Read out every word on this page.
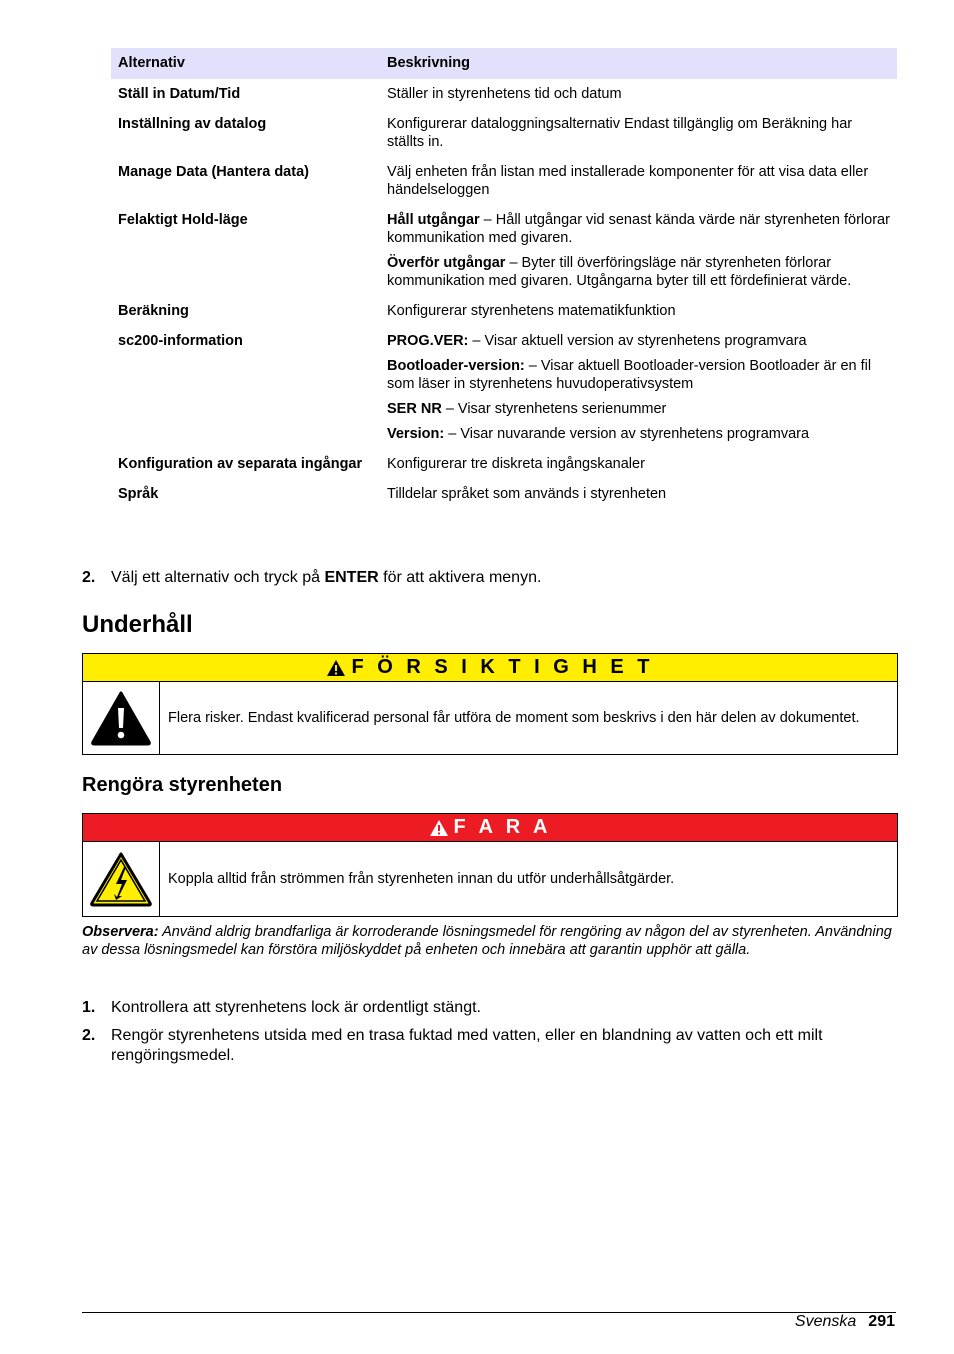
Alternativ	Beskrivning
Ställ in Datum/Tid	Ställer in styrenhetens tid och datum

Inställning av datalog	Konfigurerar dataloggningsalternativ Endast tillgänglig om Beräkning har ställts in.

Manage Data (Hantera data)	Välj enheten från listan med installerade komponenter för att visa data eller händelseloggen

Felaktigt Hold-läge	Håll utgångar – Håll utgångar vid senast kända värde när styrenheten förlorar kommunikation med givaren.
Överför utgångar – Byter till överföringsläge när styrenheten förlorar kommunikation med givaren. Utgångarna byter till ett fördefinierat värde.

Beräkning	Konfigurerar styrenhetens matematikfunktion

sc200-information	PROG.VER: – Visar aktuell version av styrenhetens programvara
Bootloader-version: – Visar aktuell Bootloader-version Bootloader är en fil som läser in styrenhetens huvudoperativsystem
SER NR – Visar styrenhetens serienummer
Version: – Visar nuvarande version av styrenhetens programvara

Konfiguration av separata ingångar	Konfigurerar tre diskreta ingångskanaler

Språk	Tilldelar språket som används i styrenheten
2. Välj ett alternativ och tryck på ENTER för att aktivera menyn.
Underhåll
F Ö R S I K T I G H E T
Flera risker. Endast kvalificerad personal får utföra de moment som beskrivs i den här delen av dokumentet.
Rengöra styrenheten
F A R A
Koppla alltid från strömmen från styrenheten innan du utför underhållsåtgärder.
Observera: Använd aldrig brandfarliga är korroderande lösningsmedel för rengöring av någon del av styrenheten. Användning av dessa lösningsmedel kan förstöra miljöskyddet på enheten och innebära att garantin upphör att gälla.
1. Kontrollera att styrenhetens lock är ordentligt stängt.
2. Rengör styrenhetens utsida med en trasa fuktad med vatten, eller en blandning av vatten och ett milt rengöringsmedel.
Svenska 291
